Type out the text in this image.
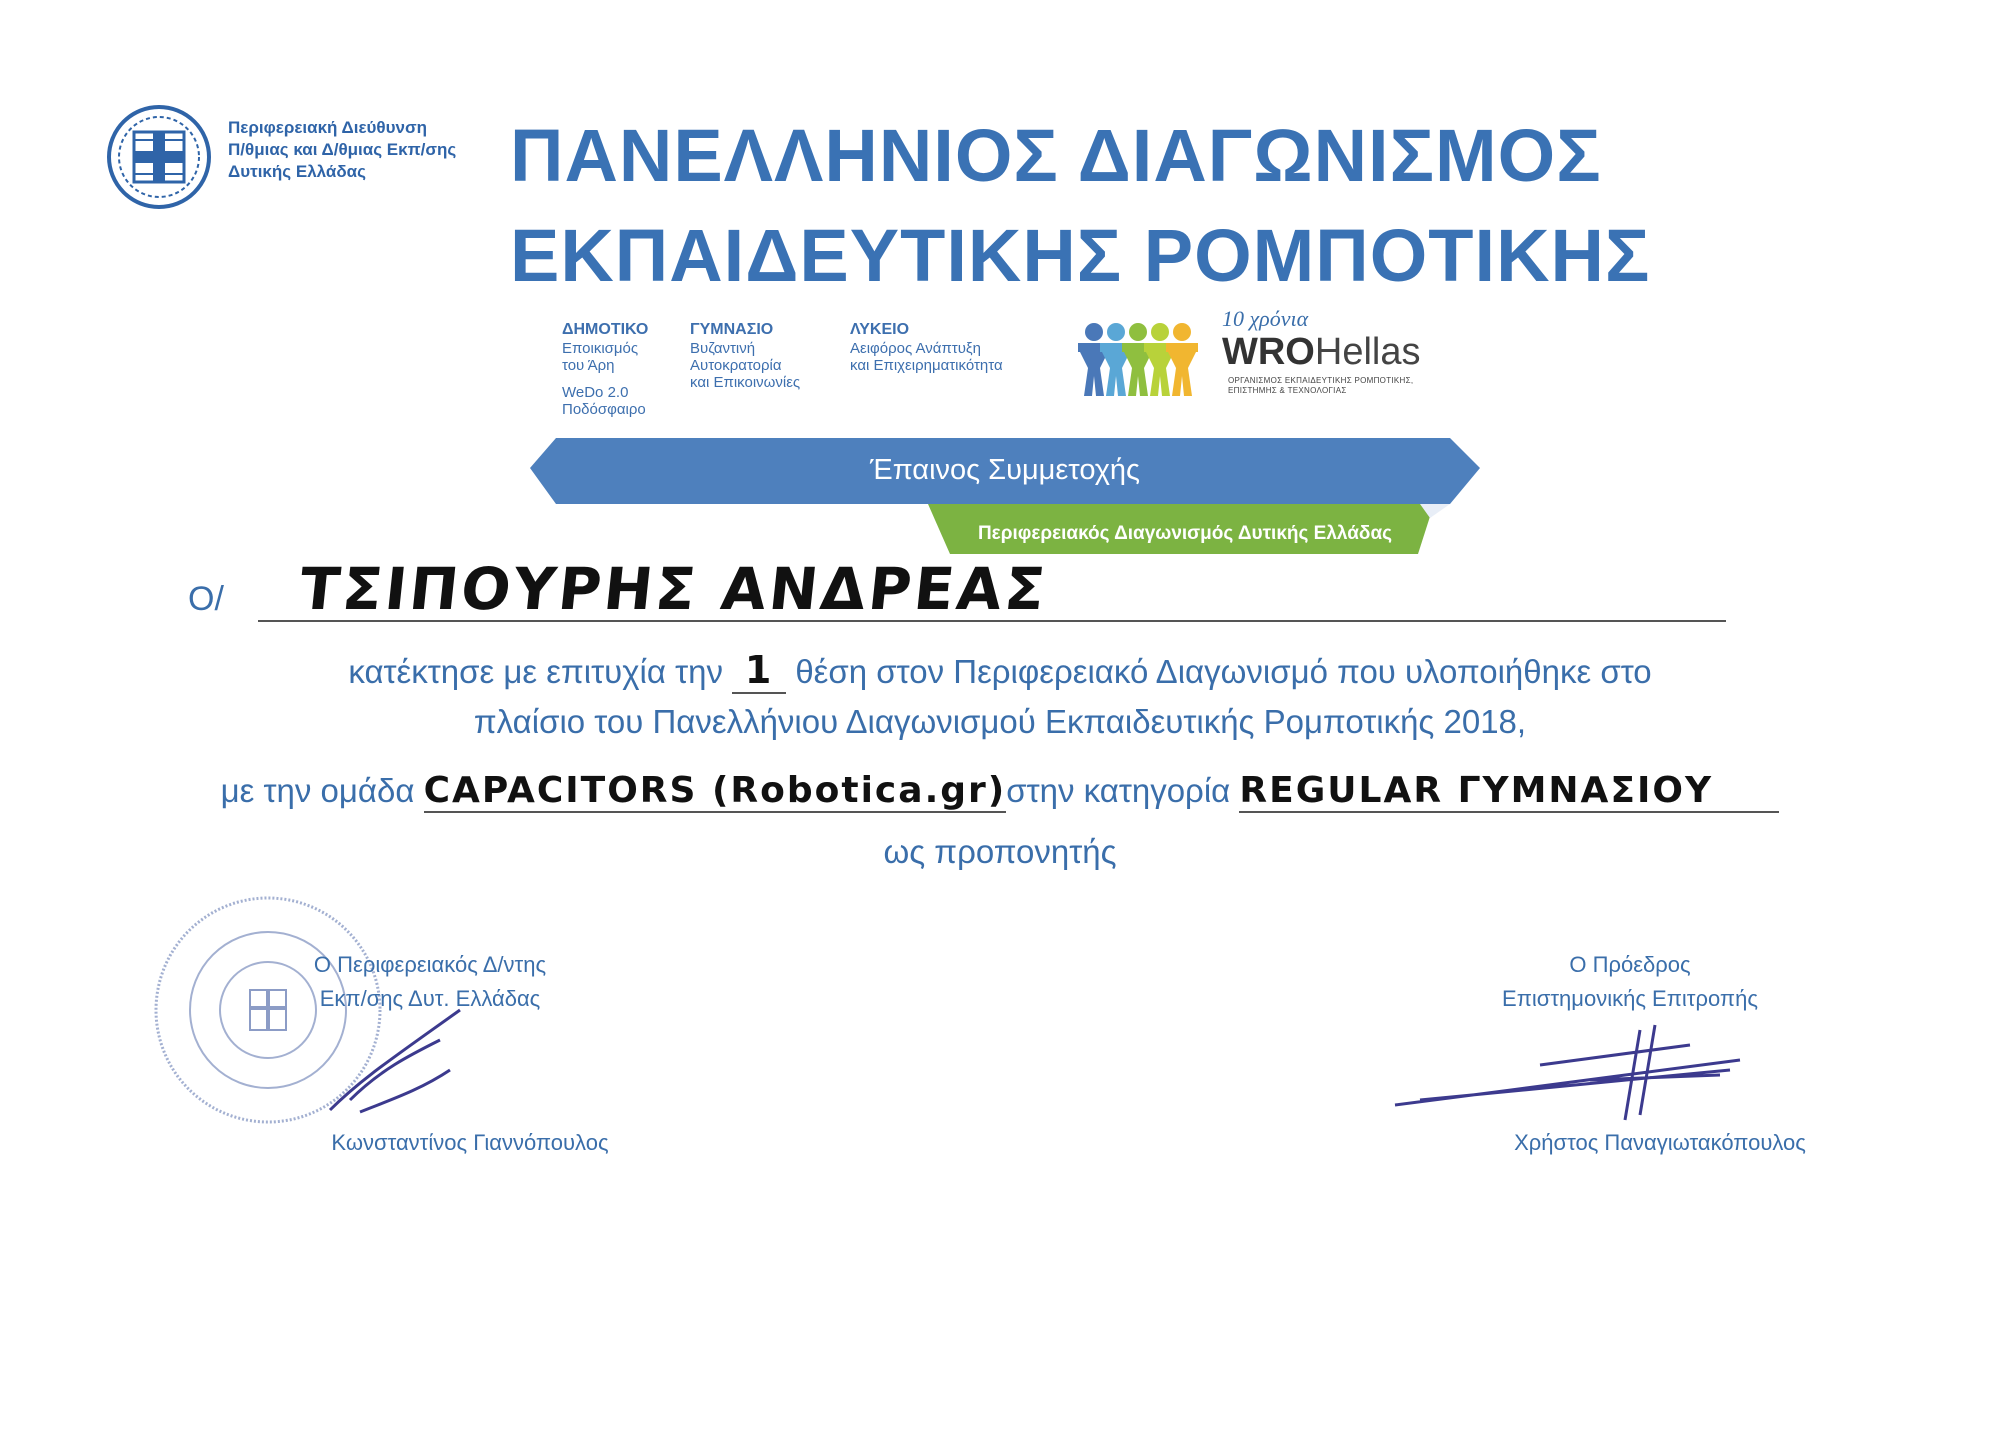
Περιφερειακή Διεύθυνση
Π/θμιας και Δ/θμιας Εκπ/σης
Δυτικής Ελλάδας	ΠΑΝΕΛΛΗΝΙΟΣ ΔΙΑΓΩΝΙΣΜΟΣ
ΕΚΠΑΙΔΕΥΤΙΚΗΣ ΡΟΜΠΟΤΙΚΗΣ
ΔΗΜΟΤΙΚΟ
Εποικισμός
του Άρη
WeDo 2.0
Ποδόσφαιρο
ΓΥΜΝΑΣΙΟ
Βυζαντινή
Αυτοκρατορία
και Επικοινωνίες
ΛΥΚΕΙΟ
Αειφόρος Ανάπτυξη
και Επιχειρηματικότητα
10 χρόνια
WROHellas
ΟΡΓΑΝΙΣΜΟΣ ΕΚΠΑΙΔΕΥΤΙΚΗΣ ΡΟΜΠΟΤΙΚΗΣ,
ΕΠΙΣΤΗΜΗΣ & ΤΕΧΝΟΛΟΓΙΑΣ
Έπαινος Συμμετοχής
Περιφερειακός Διαγωνισμός Δυτικής Ελλάδας
Ο/ ΤΣΙΠΟΥΡΗΣ ΑΝΔΡΕΑΣ
κατέκτησε με επιτυχία την 1 θέση στον Περιφερειακό Διαγωνισμό που υλοποιήθηκε στο
πλαίσιο του Πανελλήνιου Διαγωνισμού Εκπαιδευτικής Ρομποτικής 2018,
με την ομάδα CAPACITORS (Robotica.gr)στην κατηγορία REGULAR ΓΥΜΝΑΣΙΟΥ
ως προπονητής
Ο Περιφερειακός Δ/ντης
Εκπ/σης Δυτ. Ελλάδας
Κωνσταντίνος Γιαννόπουλος
Ο Πρόεδρος
Επιστημονικής Επιτροπής
Χρήστος Παναγιωτακόπουλος
